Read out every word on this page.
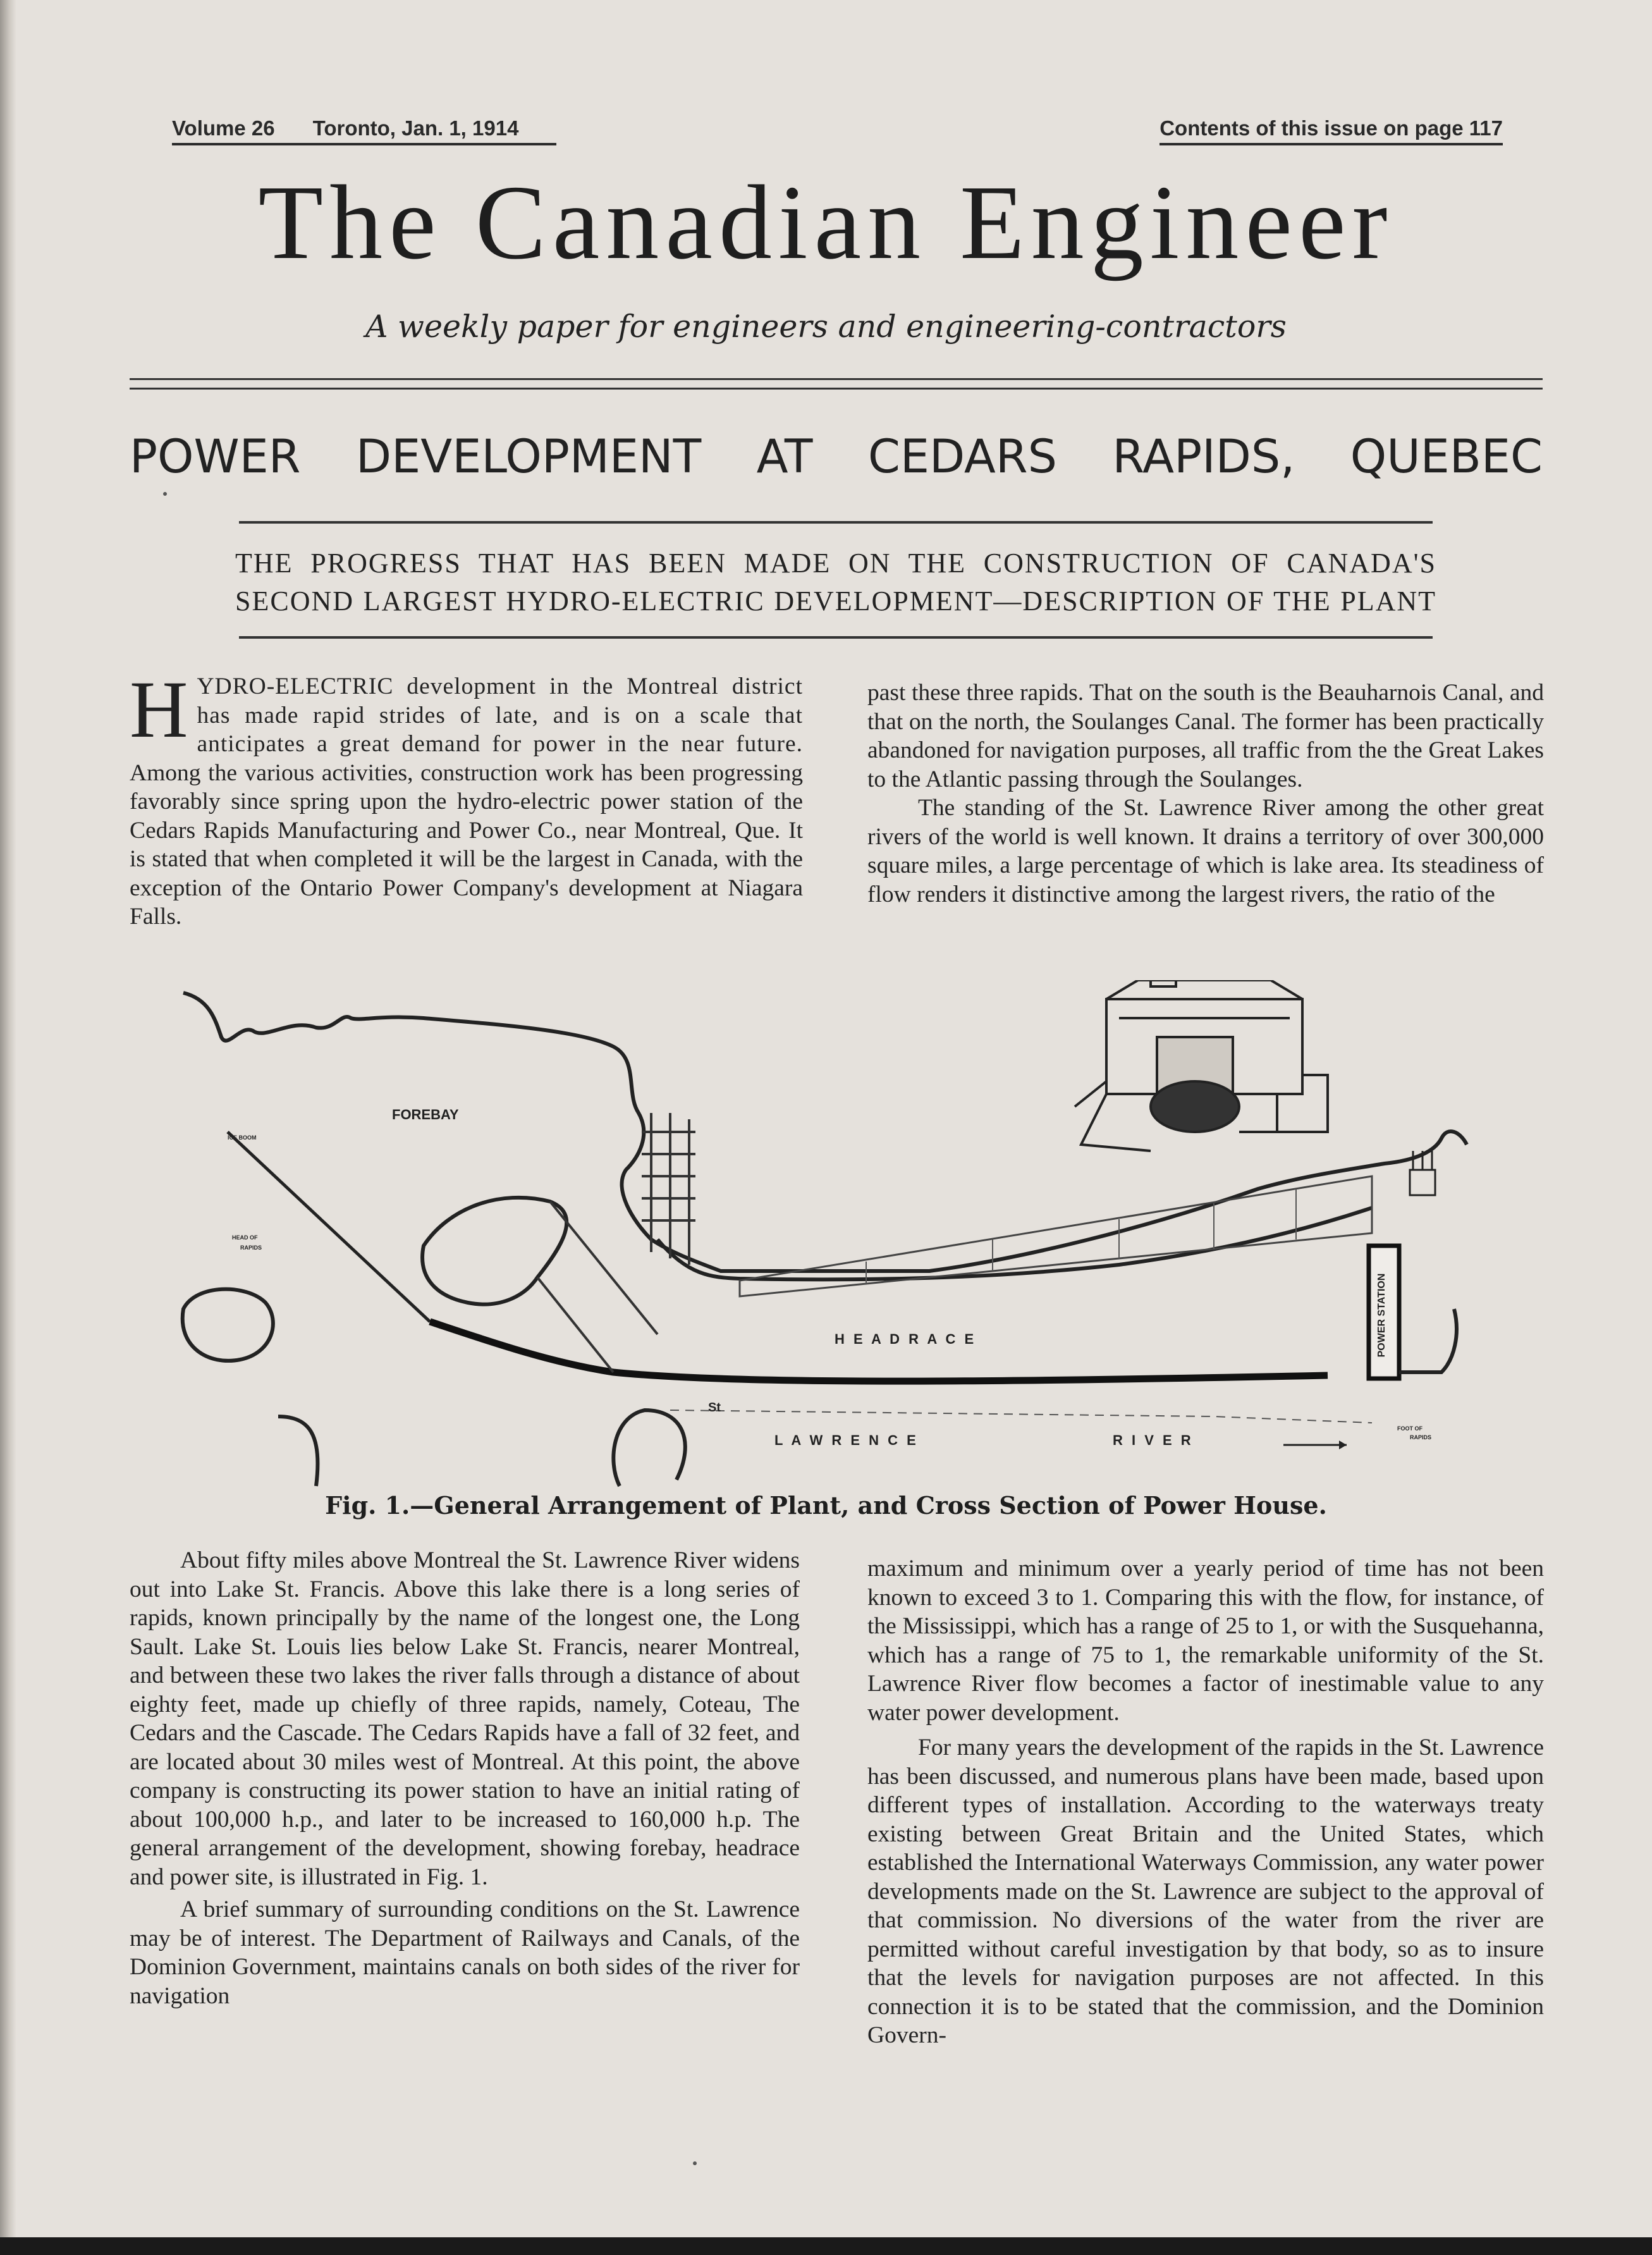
Volume 26 Toronto, Jan. 1, 1914	Contents of this issue on page 117
The Canadian Engineer
A weekly paper for engineers and engineering-contractors
POWER DEVELOPMENT AT CEDARS RAPIDS, QUEBEC
THE PROGRESS THAT HAS BEEN MADE ON THE CONSTRUCTION OF CANADA'S
SECOND LARGEST HYDRO-ELECTRIC DEVELOPMENT—DESCRIPTION OF THE PLANT

HYDRO-ELECTRIC development in the Montreal district has made rapid strides of late, and is on a scale that anticipates a great demand for power in the near future. Among the various activities, construction work has been progressing favorably since spring upon the hydro-electric power station of the Cedars Rapids Manufacturing and Power Co., near Montreal, Que. It is stated that when completed it will be the largest in Canada, with the exception of the Ontario Power Company's development at Niagara Falls.

past these three rapids. That on the south is the Beauharnois Canal, and that on the north, the Soulanges Canal. The former has been practically abandoned for navigation purposes, all traffic from the the Great Lakes to the Atlantic passing through the Soulanges.

The standing of the St. Lawrence River among the other great rivers of the world is well known. It drains a territory of over 300,000 square miles, a large percentage of which is lake area. Its steadiness of flow renders it distinctive among the largest rivers, the ratio of the

POWER STATION
FOREBAY
ICE BOOM
HEAD OF
RAPIDS
H E A D R A C E
St
L A W R E N C E	R I V E R
FOOT OF
RAPIDS
Fig. 1.—General Arrangement of Plant, and Cross Section of Power House.

About fifty miles above Montreal the St. Lawrence River widens out into Lake St. Francis. Above this lake there is a long series of rapids, known principally by the name of the longest one, the Long Sault. Lake St. Louis lies below Lake St. Francis, nearer Montreal, and between these two lakes the river falls through a distance of about eighty feet, made up chiefly of three rapids, namely, Coteau, The Cedars and the Cascade. The Cedars Rapids have a fall of 32 feet, and are located about 30 miles west of Montreal. At this point, the above company is constructing its power station to have an initial rating of about 100,000 h.p., and later to be increased to 160,000 h.p. The general arrangement of the development, showing forebay, headrace and power site, is illustrated in Fig. 1.

A brief summary of surrounding conditions on the St. Lawrence may be of interest. The Department of Railways and Canals, of the Dominion Government, maintains canals on both sides of the river for navigation

maximum and minimum over a yearly period of time has not been known to exceed 3 to 1. Comparing this with the flow, for instance, of the Mississippi, which has a range of 25 to 1, or with the Susquehanna, which has a range of 75 to 1, the remarkable uniformity of the St. Lawrence River flow becomes a factor of inestimable value to any water power development.

For many years the development of the rapids in the St. Lawrence has been discussed, and numerous plans have been made, based upon different types of installation. According to the waterways treaty existing between Great Britain and the United States, which established the International Waterways Commission, any water power developments made on the St. Lawrence are subject to the approval of that commission. No diversions of the water from the river are permitted without careful investigation by that body, so as to insure that the levels for navigation purposes are not affected. In this connection it is to be stated that the commission, and the Dominion Govern-
